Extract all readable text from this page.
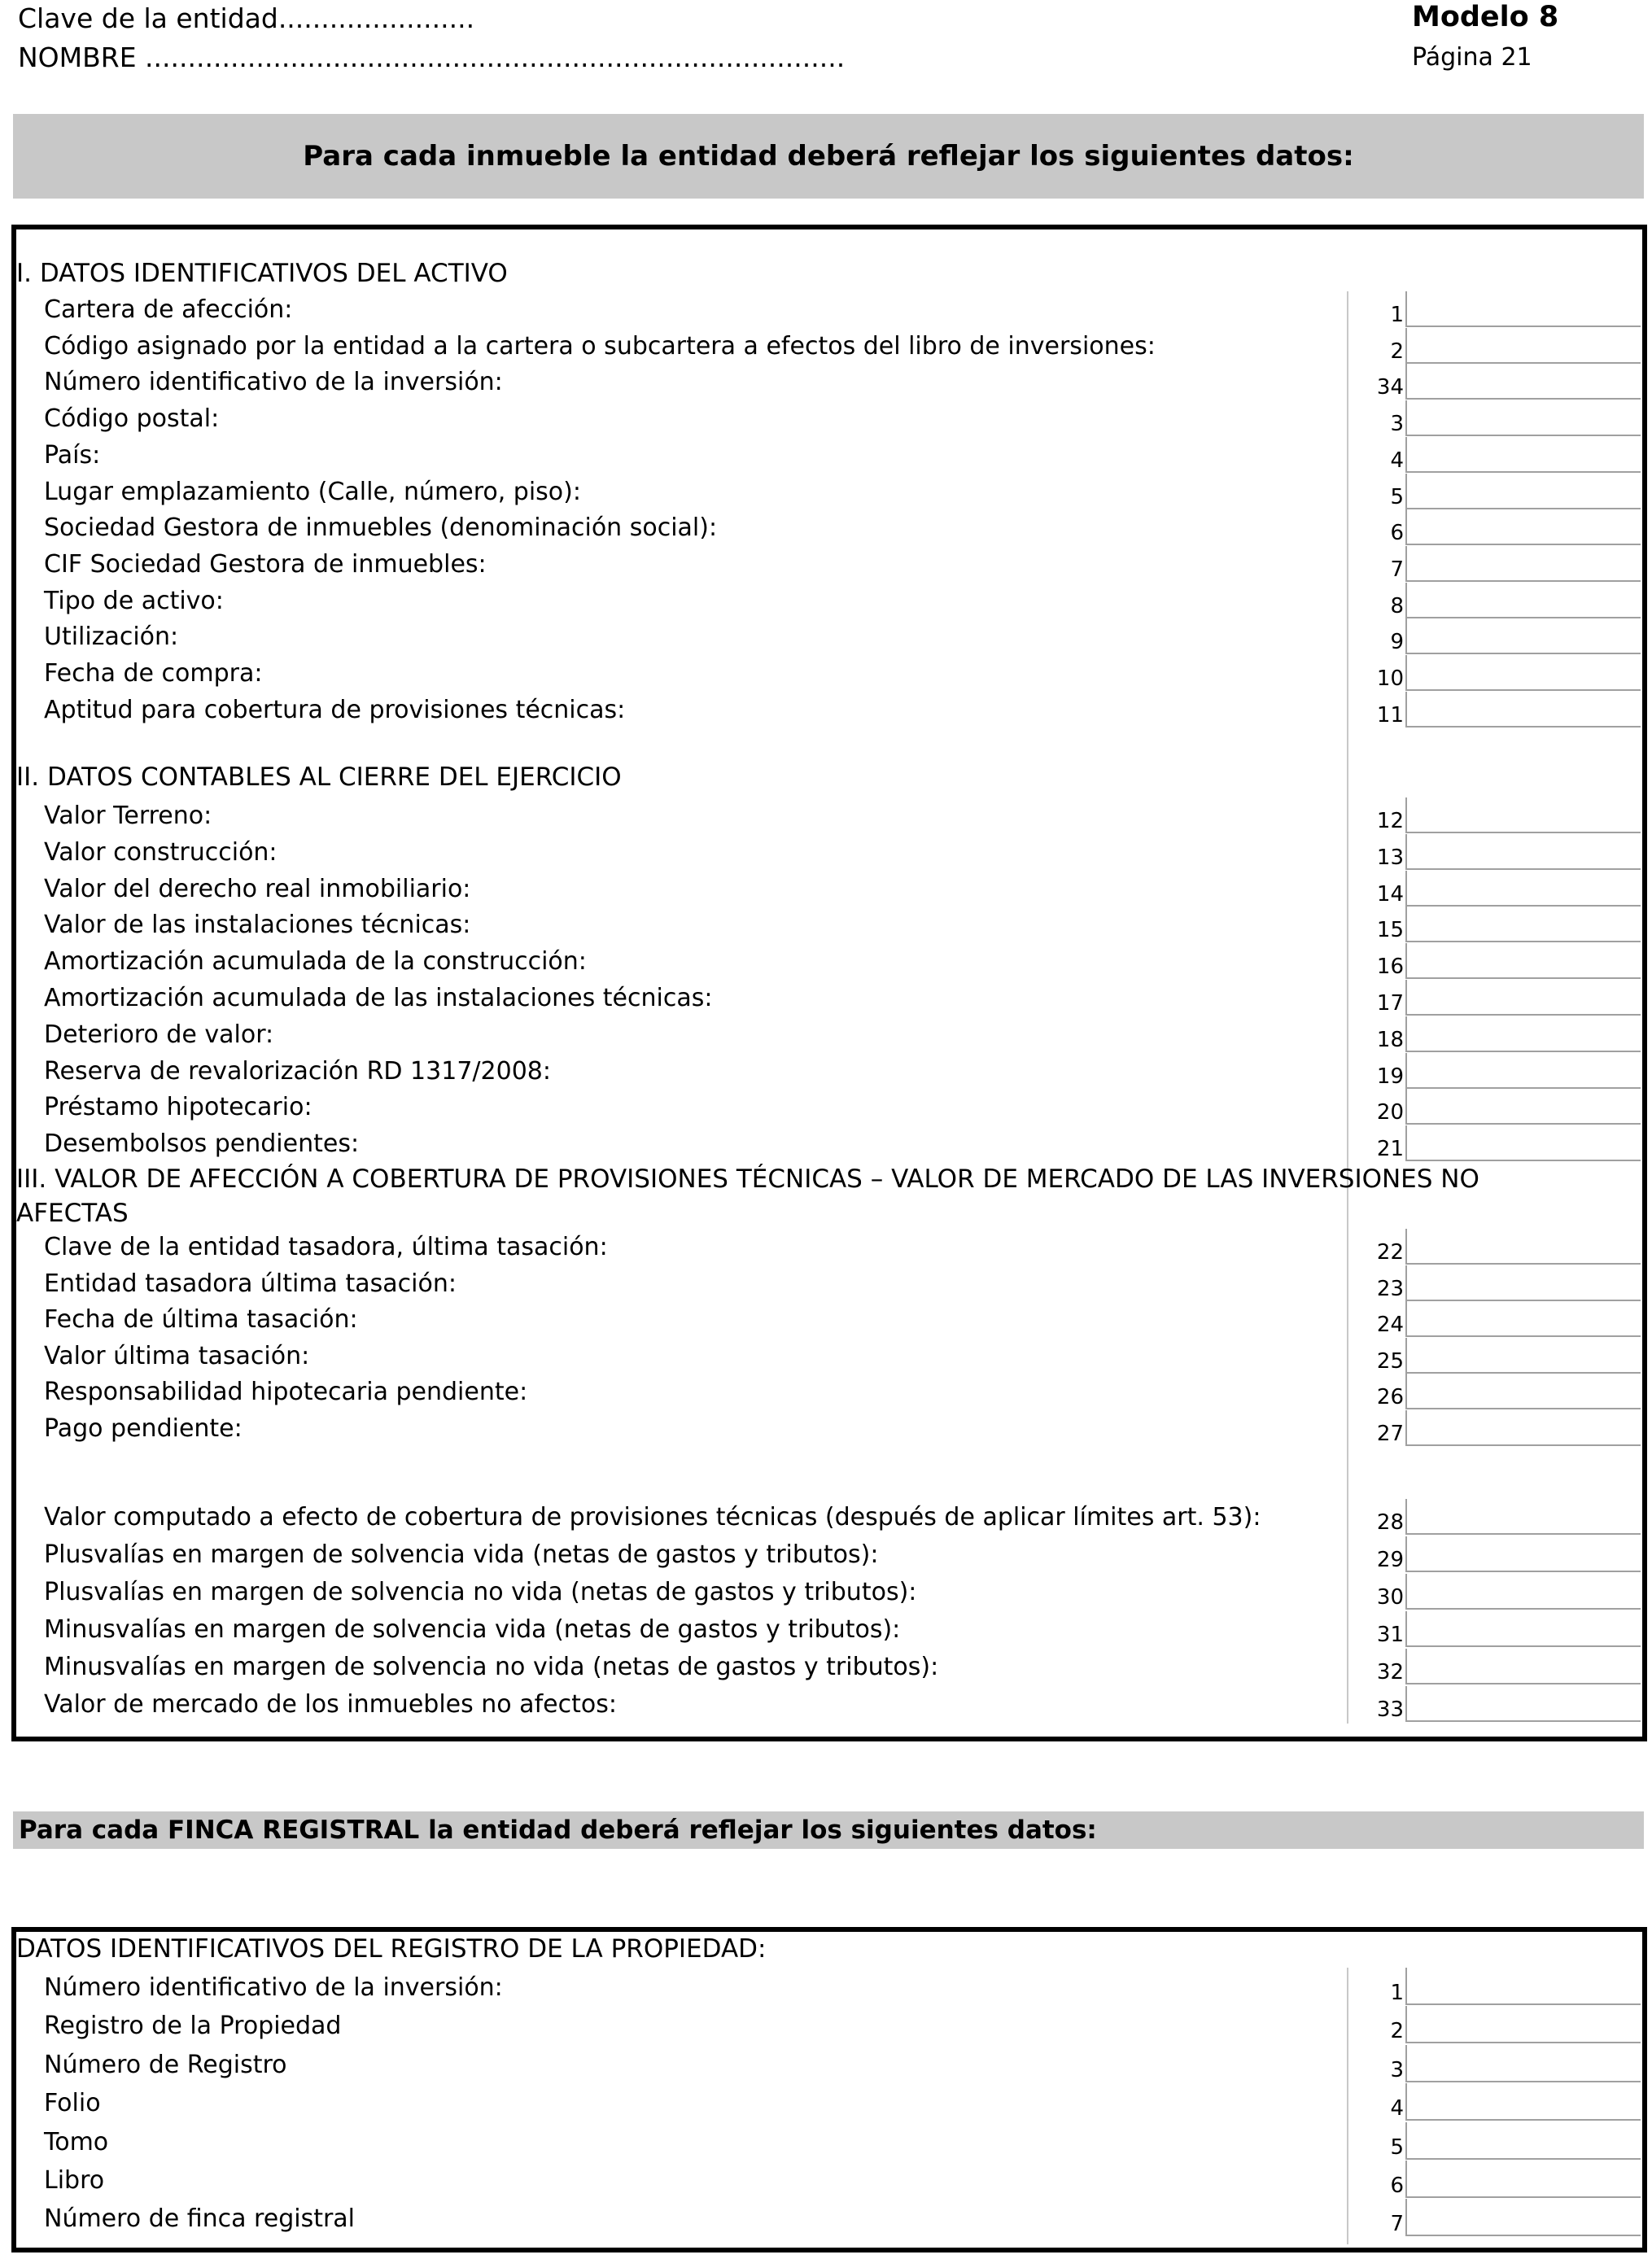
Clave de la entidad.......................
NOMBRE ..................................................................................
Modelo 8
Página 21
Para cada inmueble la entidad deberá reflejar los siguientes datos:
I. DATOS IDENTIFICATIVOS DEL ACTIVO
Cartera de afección:	1
Código asignado por la entidad a la cartera o subcartera a efectos del libro de inversiones:	2
Número identificativo de la inversión:	34
Código postal:	3
País:	4
Lugar emplazamiento (Calle, número, piso):	5
Sociedad Gestora de inmuebles (denominación social):	6
CIF Sociedad Gestora de inmuebles:	7
Tipo de activo:	8
Utilización:	9
Fecha de compra:	10
Aptitud para cobertura de provisiones técnicas:	11
II. DATOS CONTABLES AL CIERRE DEL EJERCICIO
Valor Terreno:	12
Valor construcción:	13
Valor del derecho real inmobiliario:	14
Valor de las instalaciones técnicas:	15
Amortización acumulada de la construcción:	16
Amortización acumulada de las instalaciones técnicas:	17
Deterioro de valor:	18
Reserva de revalorización RD 1317/2008:	19
Préstamo hipotecario:	20
Desembolsos pendientes:	21
III. VALOR DE AFECCIÓN A COBERTURA DE PROVISIONES TÉCNICAS – VALOR DE MERCADO DE LAS INVERSIONES NO
AFECTAS
Clave de la entidad tasadora, última tasación:	22
Entidad tasadora última tasación:	23
Fecha de última tasación:	24
Valor última tasación:	25
Responsabilidad hipotecaria pendiente:	26
Pago pendiente:	27
Valor computado a efecto de cobertura de provisiones técnicas (después de aplicar límites art. 53):	28
Plusvalías en margen de solvencia vida (netas de gastos y tributos):	29
Plusvalías en margen de solvencia no vida (netas de gastos y tributos):	30
Minusvalías en margen de solvencia vida (netas de gastos y tributos):	31
Minusvalías en margen de solvencia no vida (netas de gastos y tributos):	32
Valor de mercado de los inmuebles no afectos:	33
Para cada FINCA REGISTRAL la entidad deberá reflejar los siguientes datos:
DATOS IDENTIFICATIVOS DEL REGISTRO DE LA PROPIEDAD:
Número identificativo de la inversión:	1
Registro de la Propiedad	2
Número de Registro	3
Folio	4
Tomo	5
Libro	6
Número de finca registral	7
